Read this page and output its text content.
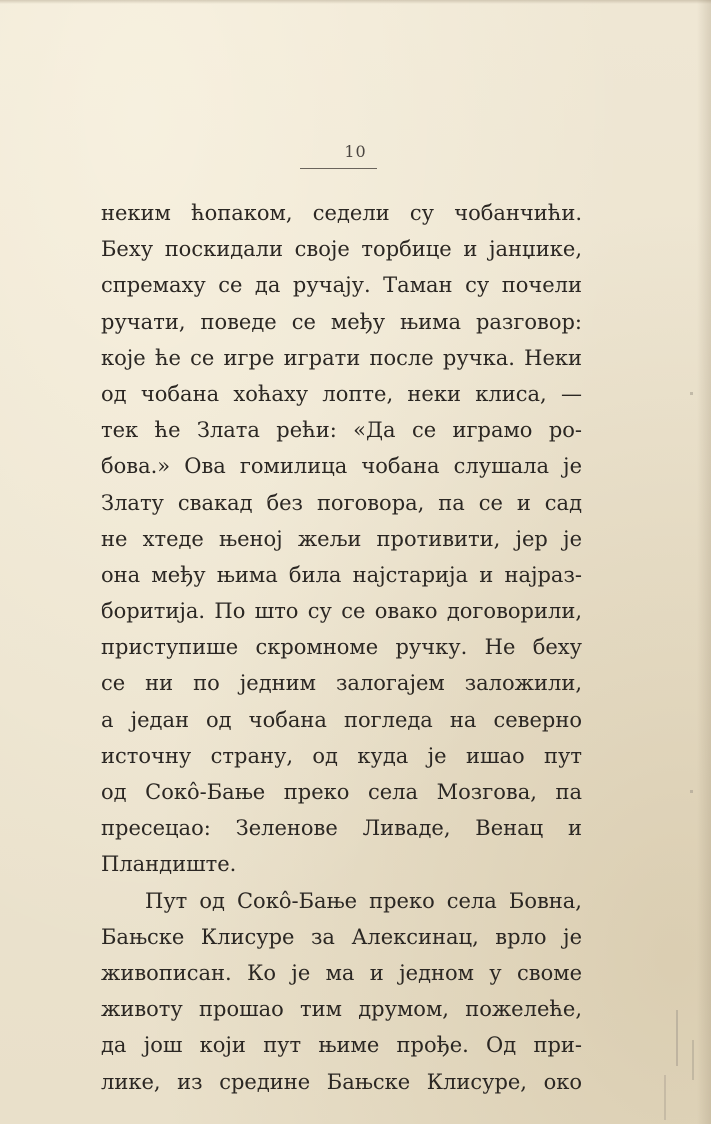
10
неким ћопаком, седели су чобанчићи.
Беху поскидали своје торбице и јанџике,
спремаху се да ручају. Таман су почели
ручати, поведе се међу њима разговор:
које ће се игре играти после ручка. Неки
од чобана хоћаху лопте, неки клиса, —
тек ће Злата рећи: «Да се играмо ро-
бова.» Ова гомилица чобана слушала је
Злату свакад без поговора, па се и сад
не хтеде њеној жељи противити, јер је
она међу њима била најстарија и најраз-
боритија. По што су се овако договорили,
приступише скромноме ручку. Не беху
се ни по једним залогајем заложили,
а један од чобана погледа на северно
источну страну, од куда је ишао пут
од Сокô-Бање преко села Мозгова, па
пресецао: Зеленове Ливаде, Венац и
Пландиште.
Пут од Сокô-Бање преко села Бовна,
Бањске Клисуре за Алексинац, врло је
живописан. Ко је ма и једном у своме
животу прошао тим друмом, пожелеће,
да још који пут њиме прође. Од при-
лике, из средине Бањске Клисуре, око
